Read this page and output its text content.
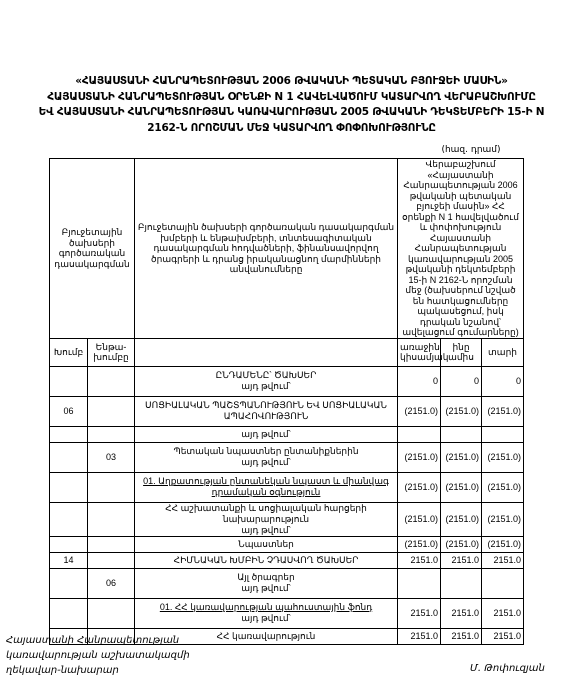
«ՀԱՅԱՍՏԱՆԻ ՀԱՆՐԱՊԵՏՈՒԹՅԱՆ 2006 ԹՎԱԿԱՆԻ ՊԵՏԱԿԱՆ ԲՅՈՒՋԵԻ ՄԱՍԻՆ»
ՀԱՅԱՍՏԱՆԻ ՀԱՆՐԱՊԵՏՈՒԹՅԱՆ ՕՐԵՆՔԻ N 1 ՀԱՎԵԼՎԱԾՈՒՄ ԿԱՏԱՐՎՈՂ ՎԵՐԱԲԱՇԽՈՒՄԸ
ԵՎ ՀԱՅԱՍՏԱՆԻ ՀԱՆՐԱՊԵՏՈՒԹՅԱՆ ԿԱՌԱՎԱՐՈՒԹՅԱՆ 2005 ԹՎԱԿԱՆԻ ԴԵԿՏԵՄԲԵՐԻ 15-Ի N
2162-Ն ՈՐՈՇՄԱՆ ՄԵՋ ԿԱՏԱՐՎՈՂ ՓՈՓՈԽՈՒԹՅՈՒՆԸ
(հազ. դրամ)
Բյուջետային ծախսերի գործառական դասակարգման		Բյուջետային ծախսերի գործառական դասակարգման խմբերի և ենթախմբերի, տնտեսագիտական դասակարգման հոդվածների, ֆինանսավորվող ծրագրերի և դրանց իրականացնող մարմինների անվանումները	Վերաբաշխում «Հայաստանի Հանրապետության 2006 թվականի պետական բյուջեի մասին» ՀՀ օրենքի N 1 հավելվածում և փոփոխություն Հայաստանի Հանրապետության կառավարության 2005 թվականի դեկտեմբերի 15-ի N 2162-Ն որոշման մեջ (ծախսերում նշված են հատկացումները պակասեցում, իսկ դրական նշանով՝ ավելացում գումարները)		
Խումբ	Ենթա-խումբը		առաջին կիսամյակ	ինը ամիս	տարի

		ԸՆԴԱՄԵՆԸ՝ ԾԱԽՍԵՐ
այդ թվում՝	0	0	0
06		ՍՈՑԻԱԼԱԿԱՆ ՊԱՇՏՊԱՆՈՒԹՅՈՒՆ ԵՎ ՍՈՑԻԱԼԱԿԱՆ ԱՊԱՀՈՎՈՒԹՅՈՒՆ	(2151.0)	(2151.0)	(2151.0)

		այդ թվում՝			

	03	Պետական նպաստներ ընտանիքներին
այդ թվում՝	(2151.0)	(2151.0)	(2151.0)

		01. Աղքատության ընտանեկան նպաստ և միանվագ դրամական օգնություն	(2151.0)	(2151.0)	(2151.0)

		ՀՀ աշխատանքի և սոցիալական հարցերի նախարարություն
այդ թվում՝	(2151.0)	(2151.0)	(2151.0)

		Նպաստներ	(2151.0)	(2151.0)	(2151.0)
14		ՀԻՄՆԱԿԱՆ ԽՄԲԻՆ ՉԴԱՍՎՈՂ ԾԱԽՍԵՐ	2151.0	2151.0	2151.0
	06	Այլ ծրագրեր
այդ թվում՝			

		01. ՀՀ կառավարության պահուստային ֆոնդ
այդ թվում՝	2151.0	2151.0	2151.0

		ՀՀ կառավարություն	2151.0	2151.0	2151.0
Հայաստանի Հանրապետության
կառավարության աշխատակազմի
ղեկավար-նախարար	Մ. Թոփուզյան
